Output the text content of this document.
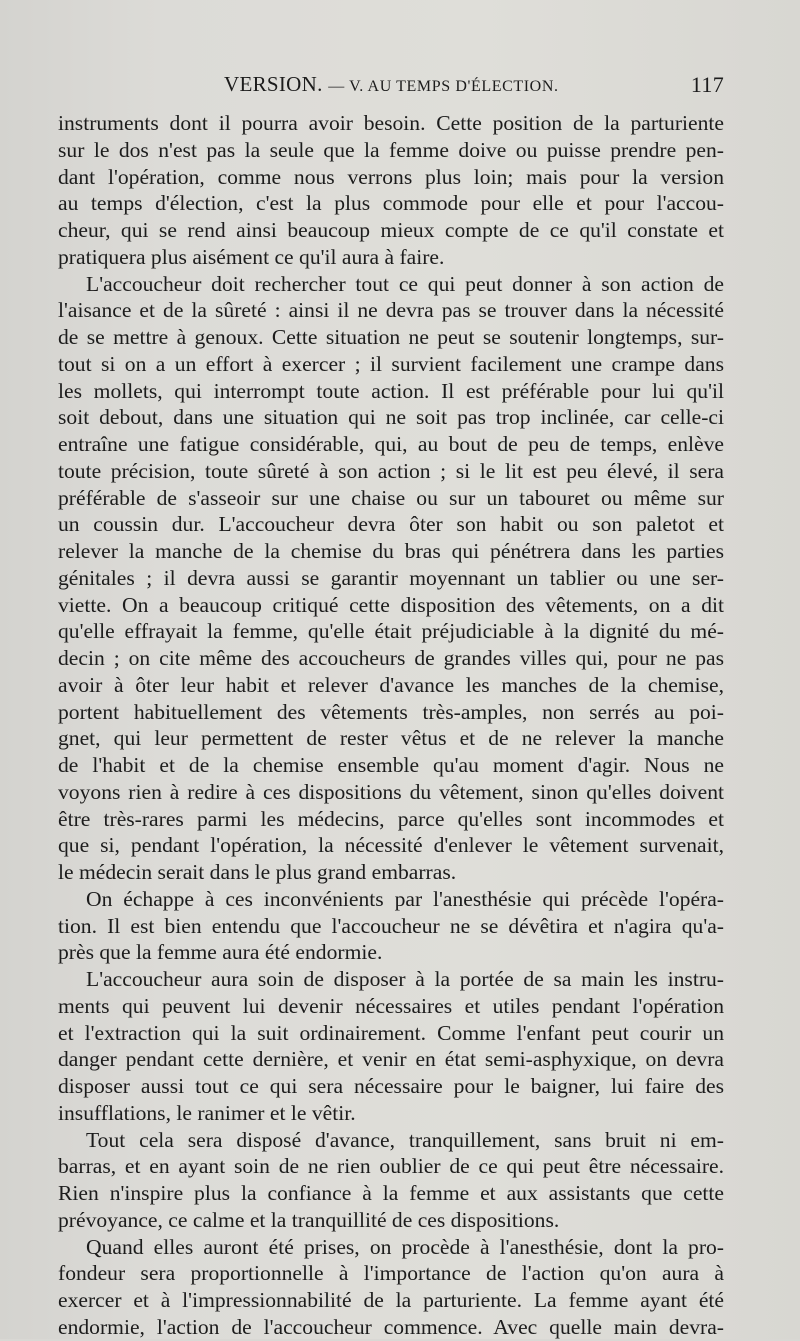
VERSION. — V. AU TEMPS D'ÉLECTION.	117
instruments dont il pourra avoir besoin. Cette position de la parturiente
sur le dos n'est pas la seule que la femme doive ou puisse prendre pen-
dant l'opération, comme nous verrons plus loin; mais pour la version
au temps d'élection, c'est la plus commode pour elle et pour l'accou-
cheur, qui se rend ainsi beaucoup mieux compte de ce qu'il constate et
pratiquera plus aisément ce qu'il aura à faire.
L'accoucheur doit rechercher tout ce qui peut donner à son action de
l'aisance et de la sûreté : ainsi il ne devra pas se trouver dans la nécessité
de se mettre à genoux. Cette situation ne peut se soutenir longtemps, sur-
tout si on a un effort à exercer ; il survient facilement une crampe dans
les mollets, qui interrompt toute action. Il est préférable pour lui qu'il
soit debout, dans une situation qui ne soit pas trop inclinée, car celle-ci
entraîne une fatigue considérable, qui, au bout de peu de temps, enlève
toute précision, toute sûreté à son action ; si le lit est peu élevé, il sera
préférable de s'asseoir sur une chaise ou sur un tabouret ou même sur
un coussin dur. L'accoucheur devra ôter son habit ou son paletot et
relever la manche de la chemise du bras qui pénétrera dans les parties
génitales ; il devra aussi se garantir moyennant un tablier ou une ser-
viette. On a beaucoup critiqué cette disposition des vêtements, on a dit
qu'elle effrayait la femme, qu'elle était préjudiciable à la dignité du mé-
decin ; on cite même des accoucheurs de grandes villes qui, pour ne pas
avoir à ôter leur habit et relever d'avance les manches de la chemise,
portent habituellement des vêtements très-amples, non serrés au poi-
gnet, qui leur permettent de rester vêtus et de ne relever la manche
de l'habit et de la chemise ensemble qu'au moment d'agir. Nous ne
voyons rien à redire à ces dispositions du vêtement, sinon qu'elles doivent
être très-rares parmi les médecins, parce qu'elles sont incommodes et
que si, pendant l'opération, la nécessité d'enlever le vêtement survenait,
le médecin serait dans le plus grand embarras.
On échappe à ces inconvénients par l'anesthésie qui précède l'opéra-
tion. Il est bien entendu que l'accoucheur ne se dévêtira et n'agira qu'a-
près que la femme aura été endormie.
L'accoucheur aura soin de disposer à la portée de sa main les instru-
ments qui peuvent lui devenir nécessaires et utiles pendant l'opération
et l'extraction qui la suit ordinairement. Comme l'enfant peut courir un
danger pendant cette dernière, et venir en état semi-asphyxique, on devra
disposer aussi tout ce qui sera nécessaire pour le baigner, lui faire des
insufflations, le ranimer et le vêtir.
Tout cela sera disposé d'avance, tranquillement, sans bruit ni em-
barras, et en ayant soin de ne rien oublier de ce qui peut être nécessaire.
Rien n'inspire plus la confiance à la femme et aux assistants que cette
prévoyance, ce calme et la tranquillité de ces dispositions.
Quand elles auront été prises, on procède à l'anesthésie, dont la pro-
fondeur sera proportionnelle à l'importance de l'action qu'on aura à
exercer et à l'impressionnabilité de la parturiente. La femme ayant été
endormie, l'action de l'accoucheur commence. Avec quelle main devra-
